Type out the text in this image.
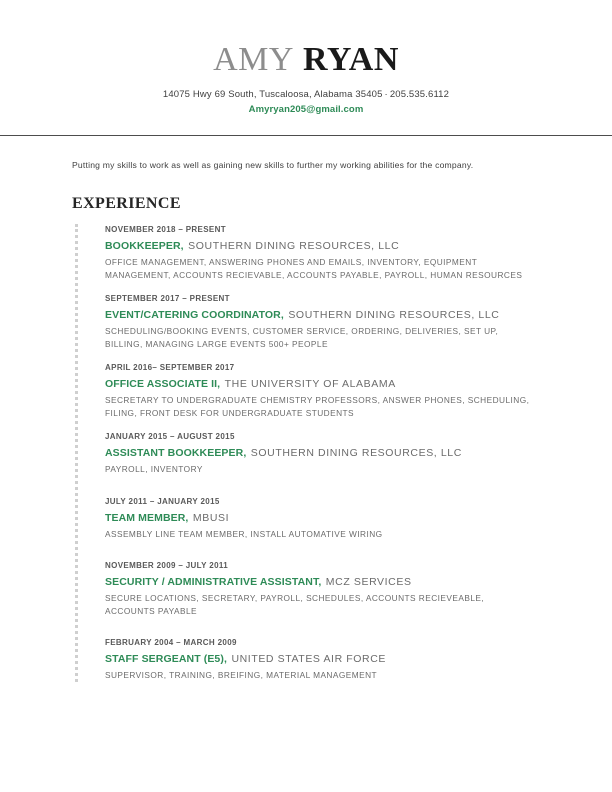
AMY RYAN
14075 Hwy 69 South, Tuscaloosa, Alabama 35405 · 205.535.6112
Amyryan205@gmail.com

Putting my skills to work as well as gaining new skills to further my working abilities for the company.

EXPERIENCE
NOVEMBER 2018 – PRESENT
BOOKKEEPER, SOUTHERN DINING RESOURCES, LLC
OFFICE MANAGEMENT, ANSWERING PHONES AND EMAILS, INVENTORY, EQUIPMENT MANAGEMENT, ACCOUNTS RECIEVABLE, ACCOUNTS PAYABLE, PAYROLL, HUMAN RESOURCES
SEPTEMBER 2017 – PRESENT
EVENT/CATERING COORDINATOR, SOUTHERN DINING RESOURCES, LLC
SCHEDULING/BOOKING EVENTS, CUSTOMER SERVICE, ORDERING, DELIVERIES, SET UP, BILLING, MANAGING LARGE EVENTS 500+ PEOPLE
APRIL 2016– SEPTEMBER 2017
OFFICE ASSOCIATE II, THE UNIVERSITY OF ALABAMA
SECRETARY TO UNDERGRADUATE CHEMISTRY PROFESSORS, ANSWER PHONES, SCHEDULING, FILING, FRONT DESK FOR UNDERGRADUATE STUDENTS
JANUARY 2015 – AUGUST 2015
ASSISTANT BOOKKEEPER, SOUTHERN DINING RESOURCES, LLC
PAYROLL, INVENTORY
JULY 2011 – JANUARY 2015
TEAM MEMBER, MBUSI
ASSEMBLY LINE TEAM MEMBER, INSTALL AUTOMATIVE WIRING
NOVEMBER 2009 – JULY 2011
SECURITY / ADMINISTRATIVE ASSISTANT, MCZ SERVICES
SECURE LOCATIONS, SECRETARY, PAYROLL, SCHEDULES, ACCOUNTS RECIEVEABLE, ACCOUNTS PAYABLE
FEBRUARY 2004 – MARCH 2009
STAFF SERGEANT (E5), UNITED STATES AIR FORCE
SUPERVISOR, TRAINING, BREIFING, MATERIAL MANAGEMENT
